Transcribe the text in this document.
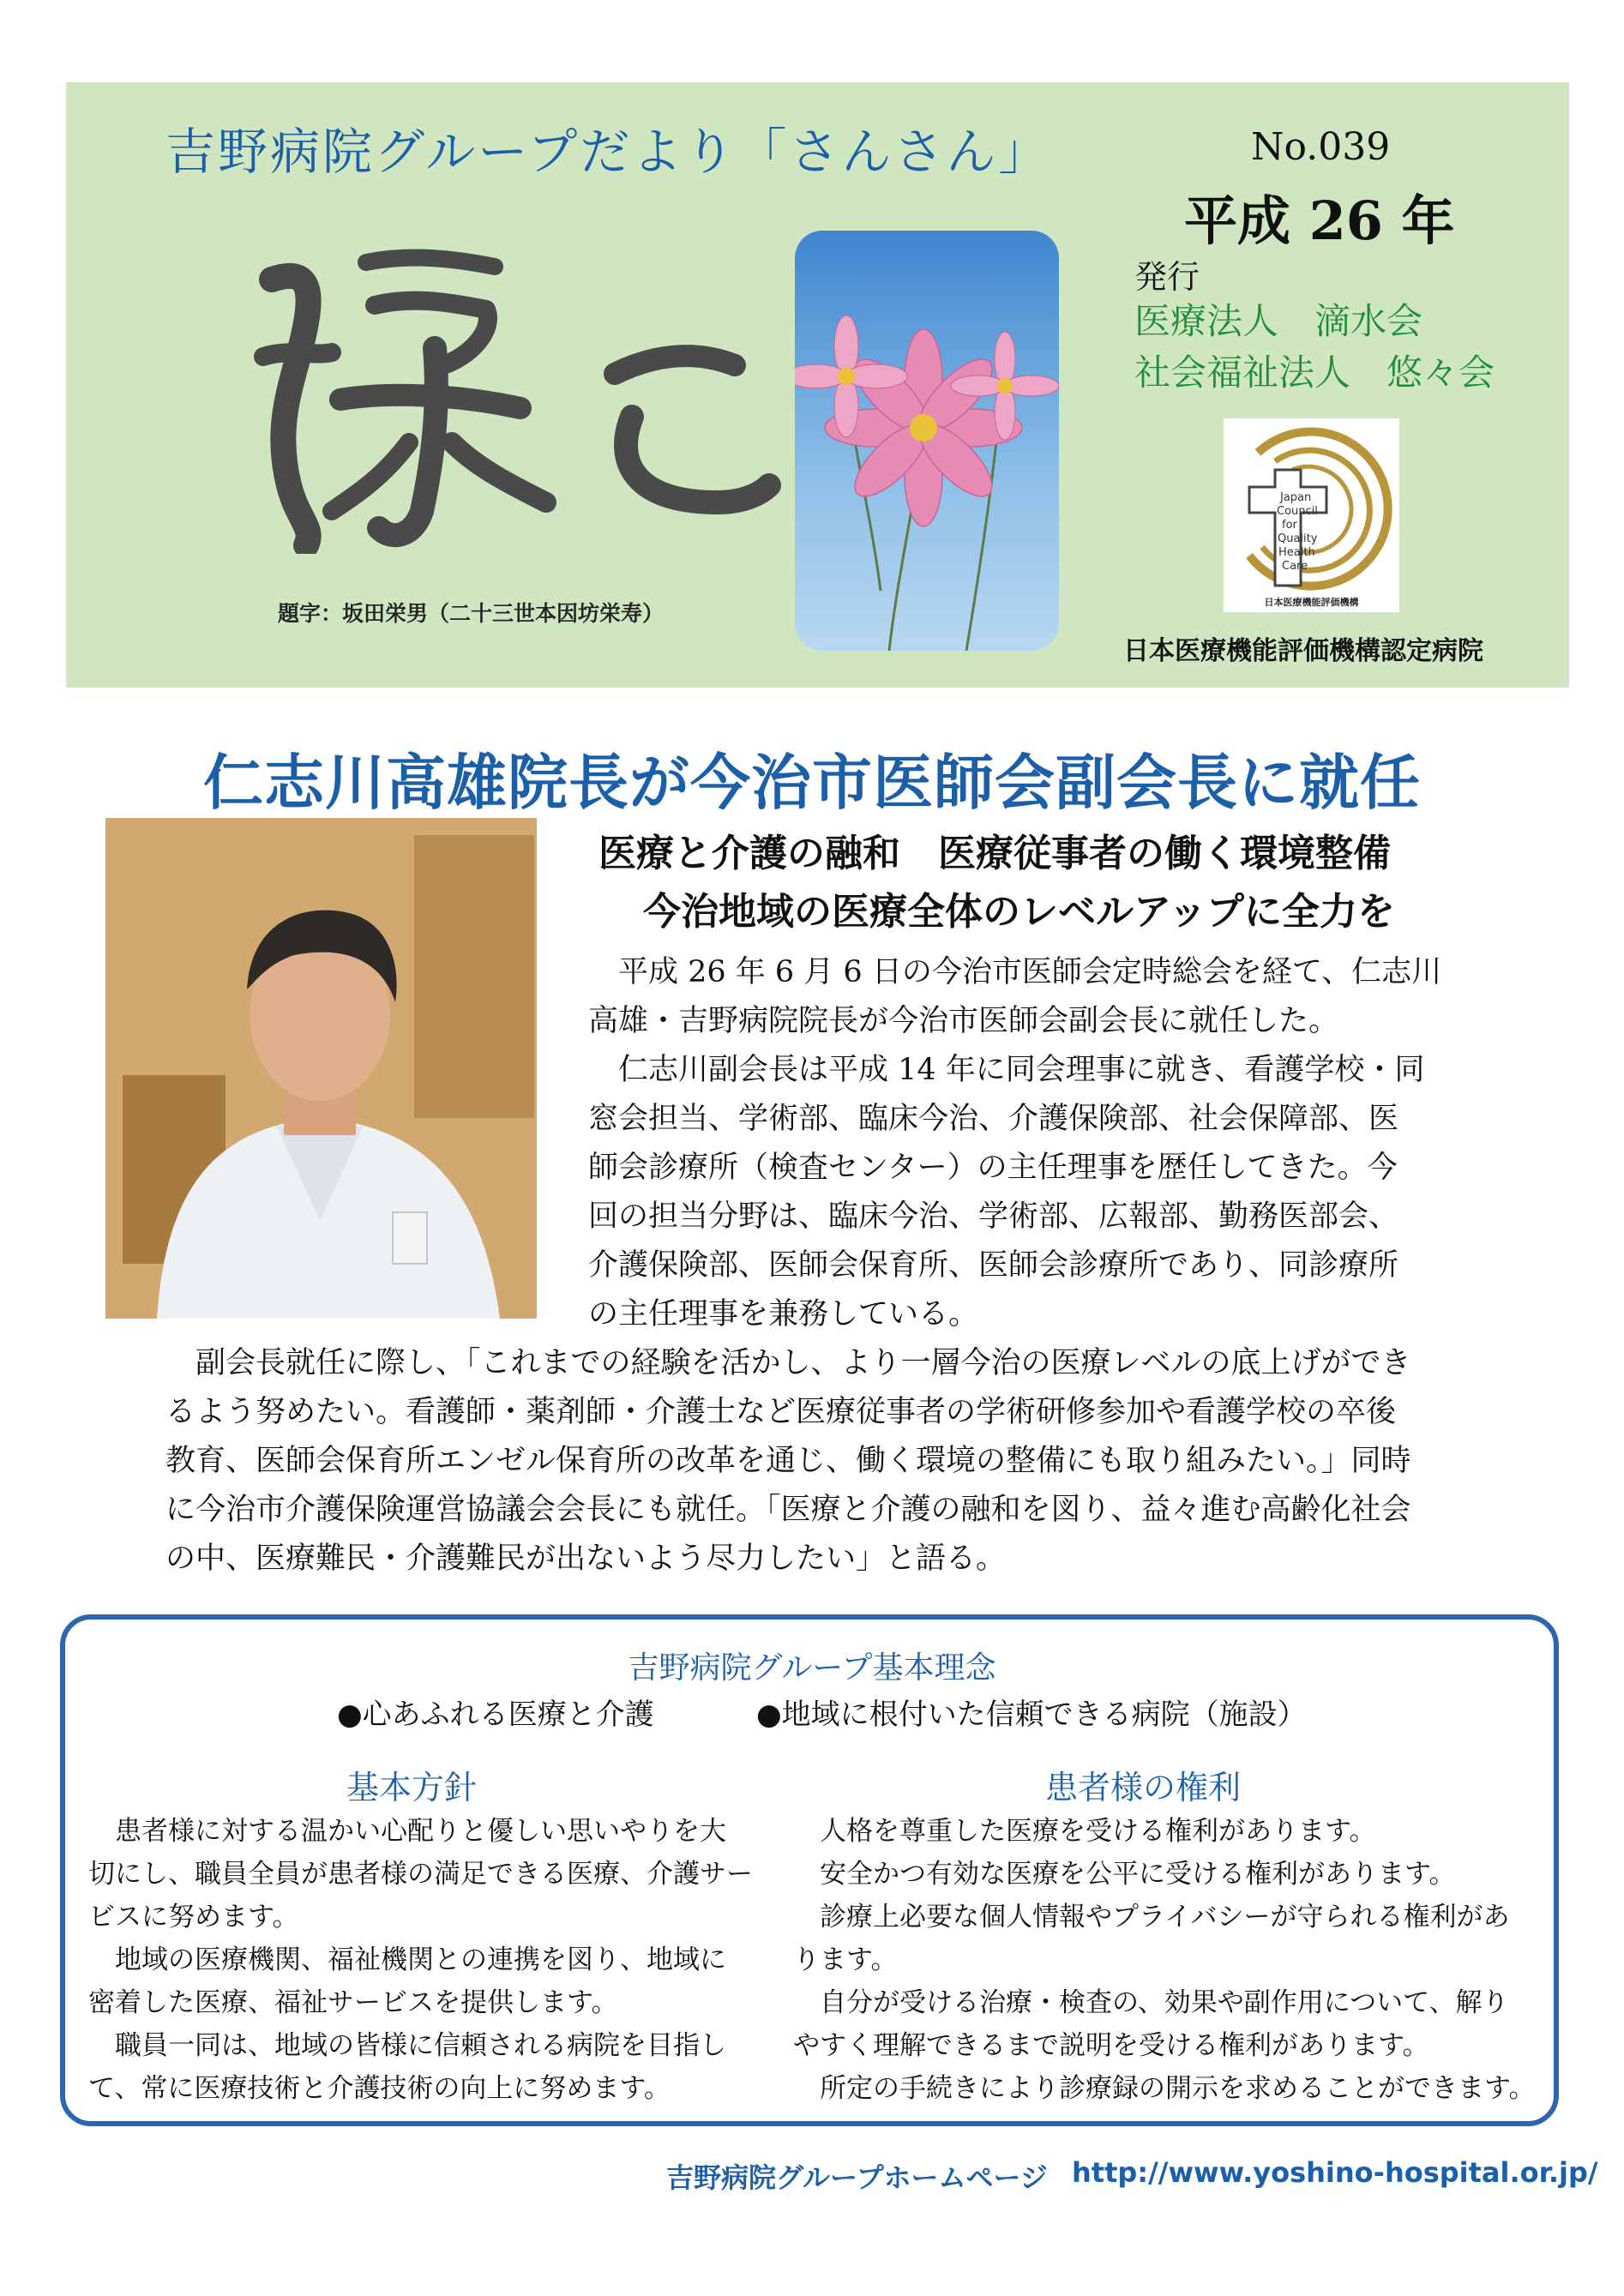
吉野病院グループだより「さんさん」	No.039
平成 26 年
発行
医療法人　滴水会
社会福祉法人　悠々会
題字：坂田栄男（二十三世本因坊栄寿）
Japan
Council
for
Quality
Health
Care
日本医療機能評価機構
日本医療機能評価機構認定病院
仁志川高雄院長が今治市医師会副会長に就任
医療と介護の融和　医療従事者の働く環境整備
今治地域の医療全体のレベルアップに全力を
　平成 26 年 6 月 6 日の今治市医師会定時総会を経て、仁志川
高雄・吉野病院院長が今治市医師会副会長に就任した。
　仁志川副会長は平成 14 年に同会理事に就き、看護学校・同
窓会担当、学術部、臨床今治、介護保険部、社会保障部、医
師会診療所（検査センター）の主任理事を歴任してきた。今
回の担当分野は、臨床今治、学術部、広報部、勤務医部会、
介護保険部、医師会保育所、医師会診療所であり、同診療所
の主任理事を兼務している。
　副会長就任に際し、「これまでの経験を活かし、より一層今治の医療レベルの底上げができ
るよう努めたい。看護師・薬剤師・介護士など医療従事者の学術研修参加や看護学校の卒後
教育、医師会保育所エンゼル保育所の改革を通じ、働く環境の整備にも取り組みたい。」同時
に今治市介護保険運営協議会会長にも就任。「医療と介護の融和を図り、益々進む高齢化社会
の中、医療難民・介護難民が出ないよう尽力したい」と語る。
吉野病院グループ基本理念
●心あふれる医療と介護	●地域に根付いた信頼できる病院（施設）
基本方針	患者様の権利
　患者様に対する温かい心配りと優しい思いやりを大
切にし、職員全員が患者様の満足できる医療、介護サー
ビスに努めます。
　地域の医療機関、福祉機関との連携を図り、地域に
密着した医療、福祉サービスを提供します。
　職員一同は、地域の皆様に信頼される病院を目指し
て、常に医療技術と介護技術の向上に努めます。
　人格を尊重した医療を受ける権利があります。
　安全かつ有効な医療を公平に受ける権利があります。
　診療上必要な個人情報やプライバシーが守られる権利があ
ります。
　自分が受ける治療・検査の、効果や副作用について、解り
やすく理解できるまで説明を受ける権利があります。
　所定の手続きにより診療録の開示を求めることができます。
吉野病院グループホームページ http://www.yoshino-hospital.or.jp/
